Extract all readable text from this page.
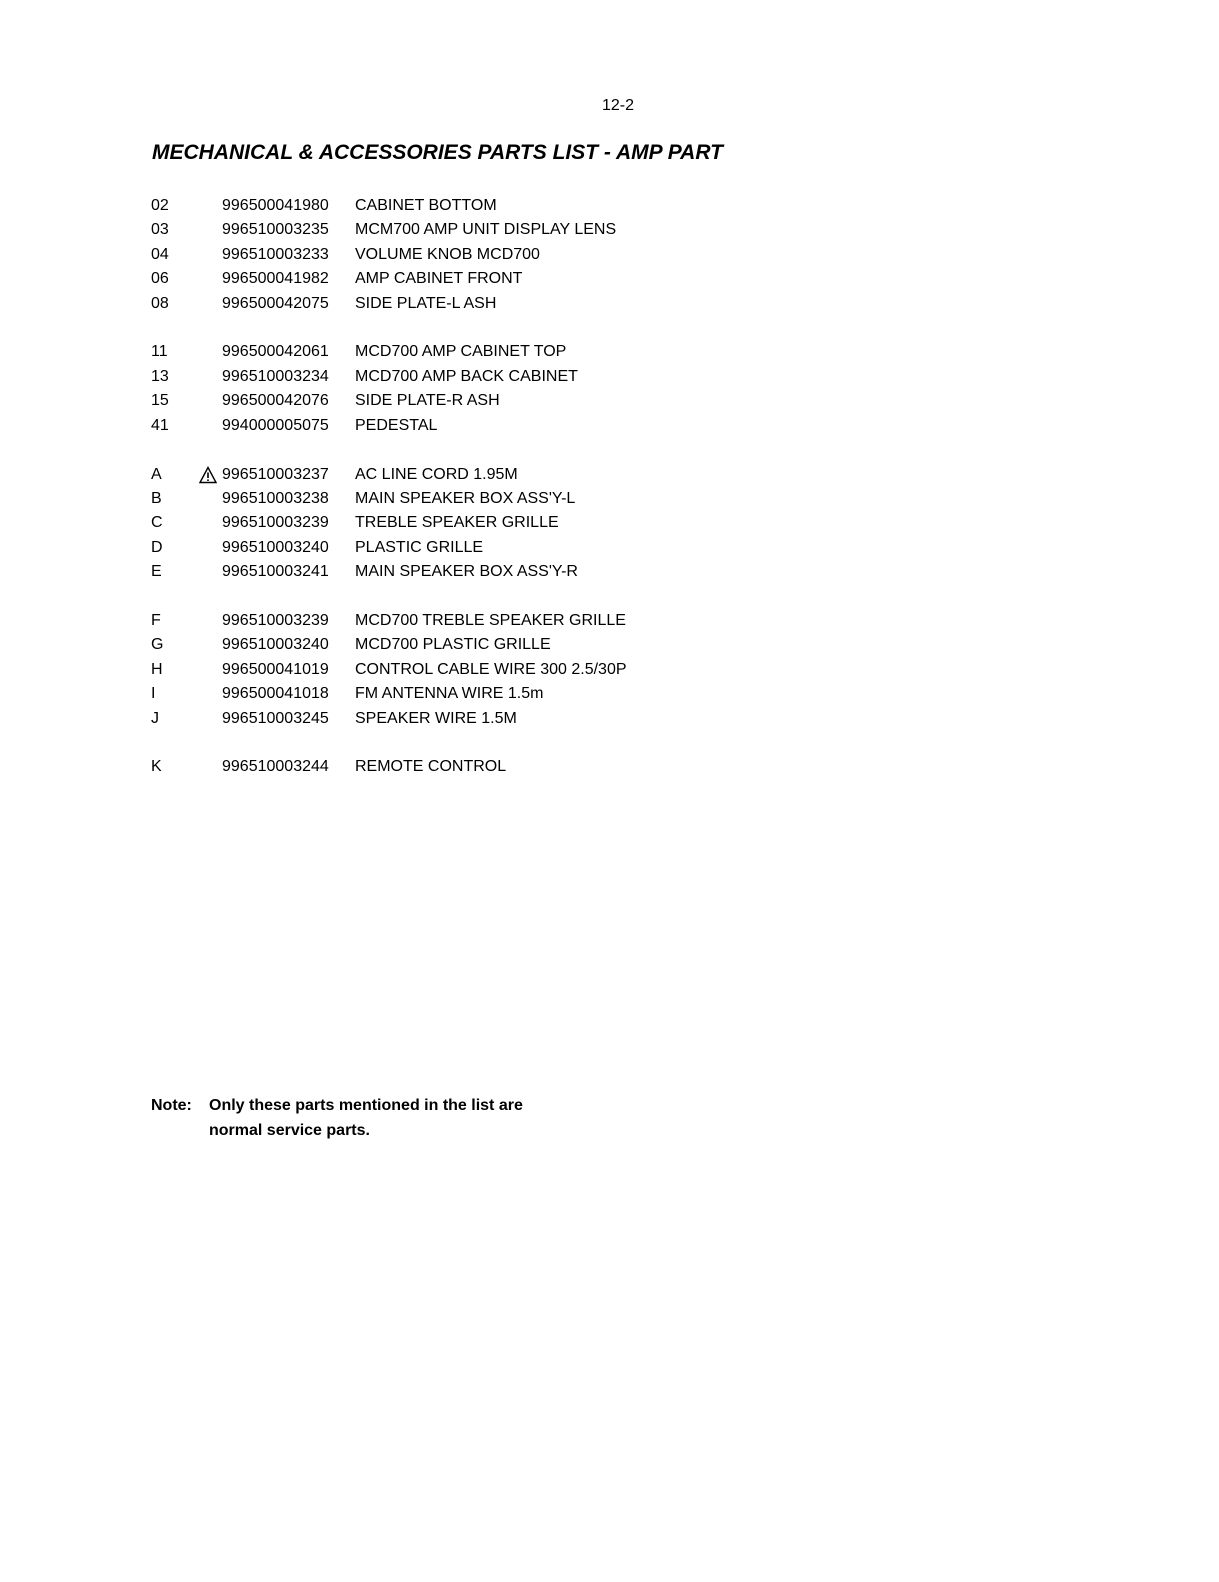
12-2
MECHANICAL & ACCESSORIES PARTS LIST - AMP PART
02	996500041980 CABINET BOTTOM
03	996510003235 MCM700 AMP UNIT DISPLAY LENS
04	996510003233 VOLUME KNOB MCD700
06	996500041982 AMP CABINET FRONT
08	996500042075 SIDE PLATE-L ASH
11	996500042061 MCD700 AMP CABINET TOP
13	996510003234 MCD700 AMP BACK CABINET
15	996500042076 SIDE PLATE-R ASH
41	994000005075 PEDESTAL
A	996510003237 AC LINE CORD 1.95M
B	996510003238 MAIN SPEAKER BOX ASS'Y-L
C	996510003239 TREBLE SPEAKER GRILLE
D	996510003240 PLASTIC GRILLE
E	996510003241 MAIN SPEAKER BOX ASS'Y-R
F	996510003239 MCD700 TREBLE SPEAKER GRILLE
G	996510003240 MCD700 PLASTIC GRILLE
H	996500041019 CONTROL CABLE WIRE 300 2.5/30P
I	996500041018 FM ANTENNA WIRE 1.5m
J	996510003245 SPEAKER WIRE 1.5M
K	996510003244 REMOTE CONTROL
Note: Only these parts mentioned in the list are
normal service parts.
